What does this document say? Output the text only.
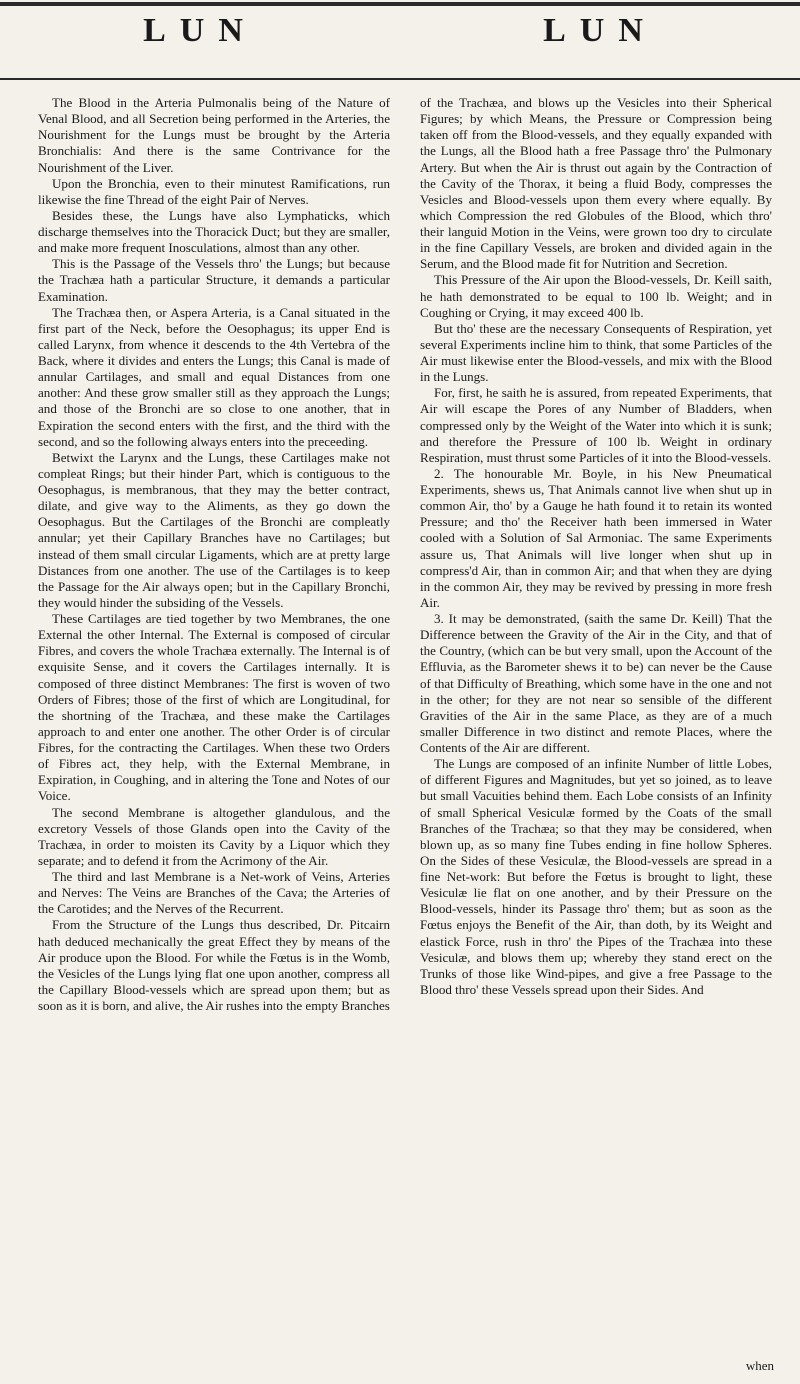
LUN	LUN

The Blood in the Arteria Pulmonalis being of the Nature of Venal Blood, and all Secretion being performed in the Arteries, the Nourishment for the Lungs must be brought by the Arteria Bronchialis: And there is the same Contrivance for the Nourishment of the Liver.

Upon the Bronchia, even to their minutest Ramifications, run likewise the fine Thread of the eight Pair of Nerves.

Besides these, the Lungs have also Lymphaticks, which discharge themselves into the Thoracick Duct; but they are smaller, and make more frequent Inosculations, almost than any other.

This is the Passage of the Vessels thro' the Lungs; but because the Trachæa hath a particular Structure, it demands a particular Examination.

The Trachæa then, or Aspera Arteria, is a Canal situated in the first part of the Neck, before the Oesophagus; its upper End is called Larynx, from whence it descends to the 4th Vertebra of the Back, where it divides and enters the Lungs; this Canal is made of annular Cartilages, and small and equal Distances from one another: And these grow smaller still as they approach the Lungs; and those of the Bronchi are so close to one another, that in Expiration the second enters with the first, and the third with the second, and so the following always enters into the preceeding.

Betwixt the Larynx and the Lungs, these Cartilages make not compleat Rings; but their hinder Part, which is contiguous to the Oesophagus, is membranous, that they may the better contract, dilate, and give way to the Aliments, as they go down the Oesophagus. But the Cartilages of the Bronchi are compleatly annular; yet their Capillary Branches have no Cartilages; but instead of them small circular Ligaments, which are at pretty large Distances from one another. The use of the Cartilages is to keep the Passage for the Air always open; but in the Capillary Bronchi, they would hinder the subsiding of the Vessels.

These Cartilages are tied together by two Membranes, the one External the other Internal. The External is composed of circular Fibres, and covers the whole Trachæa externally. The Internal is of exquisite Sense, and it covers the Cartilages internally. It is composed of three distinct Membranes: The first is woven of two Orders of Fibres; those of the first of which are Longitudinal, for the shortning of the Trachæa, and these make the Cartilages approach to and enter one another. The other Order is of circular Fibres, for the contracting the Cartilages. When these two Orders of Fibres act, they help, with the External Membrane, in Expiration, in Coughing, and in altering the Tone and Notes of our Voice.

The second Membrane is altogether glandulous, and the excretory Vessels of those Glands open into the Cavity of the Trachæa, in order to moisten its Cavity by a Liquor which they separate; and to defend it from the Acrimony of the Air.

The third and last Membrane is a Net-work of Veins, Arteries and Nerves: The Veins are Branches of the Cava; the Arteries of the Carotides; and the Nerves of the Recurrent.

From the Structure of the Lungs thus described, Dr. Pitcairn hath deduced mechanically the great Effect they by means of the Air produce upon the Blood. For while the Fœtus is in the Womb, the Vesicles of the Lungs lying flat one upon another, compress all the Capillary Blood-vessels which are spread upon them; but as soon as it is born, and alive, the Air rushes into the empty Branches

of the Trachæa, and blows up the Vesicles into their Spherical Figures; by which Means, the Pressure or Compression being taken off from the Blood-vessels, and they equally expanded with the Lungs, all the Blood hath a free Passage thro' the Pulmonary Artery. But when the Air is thrust out again by the Contraction of the Cavity of the Thorax, it being a fluid Body, compresses the Vesicles and Blood-vessels upon them every where equally. By which Compression the red Globules of the Blood, which thro' their languid Motion in the Veins, were grown too dry to circulate in the fine Capillary Vessels, are broken and divided again in the Serum, and the Blood made fit for Nutrition and Secretion.

This Pressure of the Air upon the Blood-vessels, Dr. Keill saith, he hath demonstrated to be equal to 100 lb. Weight; and in Coughing or Crying, it may exceed 400 lb.

But tho' these are the necessary Consequents of Respiration, yet several Experiments incline him to think, that some Particles of the Air must likewise enter the Blood-vessels, and mix with the Blood in the Lungs.

For, first, he saith he is assured, from repeated Experiments, that Air will escape the Pores of any Number of Bladders, when compressed only by the Weight of the Water into which it is sunk; and therefore the Pressure of 100 lb. Weight in ordinary Respiration, must thrust some Particles of it into the Blood-vessels.

2. The honourable Mr. Boyle, in his New Pneumatical Experiments, shews us, That Animals cannot live when shut up in common Air, tho' by a Gauge he hath found it to retain its wonted Pressure; and tho' the Receiver hath been immersed in Water cooled with a Solution of Sal Armoniac. The same Experiments assure us, That Animals will live longer when shut up in compress'd Air, than in common Air; and that when they are dying in the common Air, they may be revived by pressing in more fresh Air.

3. It may be demonstrated, (saith the same Dr. Keill) That the Difference between the Gravity of the Air in the City, and that of the Country, (which can be but very small, upon the Account of the Effluvia, as the Barometer shews it to be) can never be the Cause of that Difficulty of Breathing, which some have in the one and not in the other; for they are not near so sensible of the different Gravities of the Air in the same Place, as they are of a much smaller Difference in two distinct and remote Places, where the Contents of the Air are different.

The Lungs are composed of an infinite Number of little Lobes, of different Figures and Magnitudes, but yet so joined, as to leave but small Vacuities behind them. Each Lobe consists of an Infinity of small Spherical Vesiculæ formed by the Coats of the small Branches of the Trachæa; so that they may be considered, when blown up, as so many fine Tubes ending in fine hollow Spheres. On the Sides of these Vesiculæ, the Blood-vessels are spread in a fine Net-work: But before the Fœtus is brought to light, these Vesiculæ lie flat on one another, and by their Pressure on the Blood-vessels, hinder its Passage thro' them; but as soon as the Fœtus enjoys the Benefit of the Air, than doth, by its Weight and elastick Force, rush in thro' the Pipes of the Trachæa into these Vesiculæ, and blows them up; whereby they stand erect on the Trunks of those like Wind-pipes, and give a free Passage to the Blood thro' these Vessels spread upon their Sides. And

when
